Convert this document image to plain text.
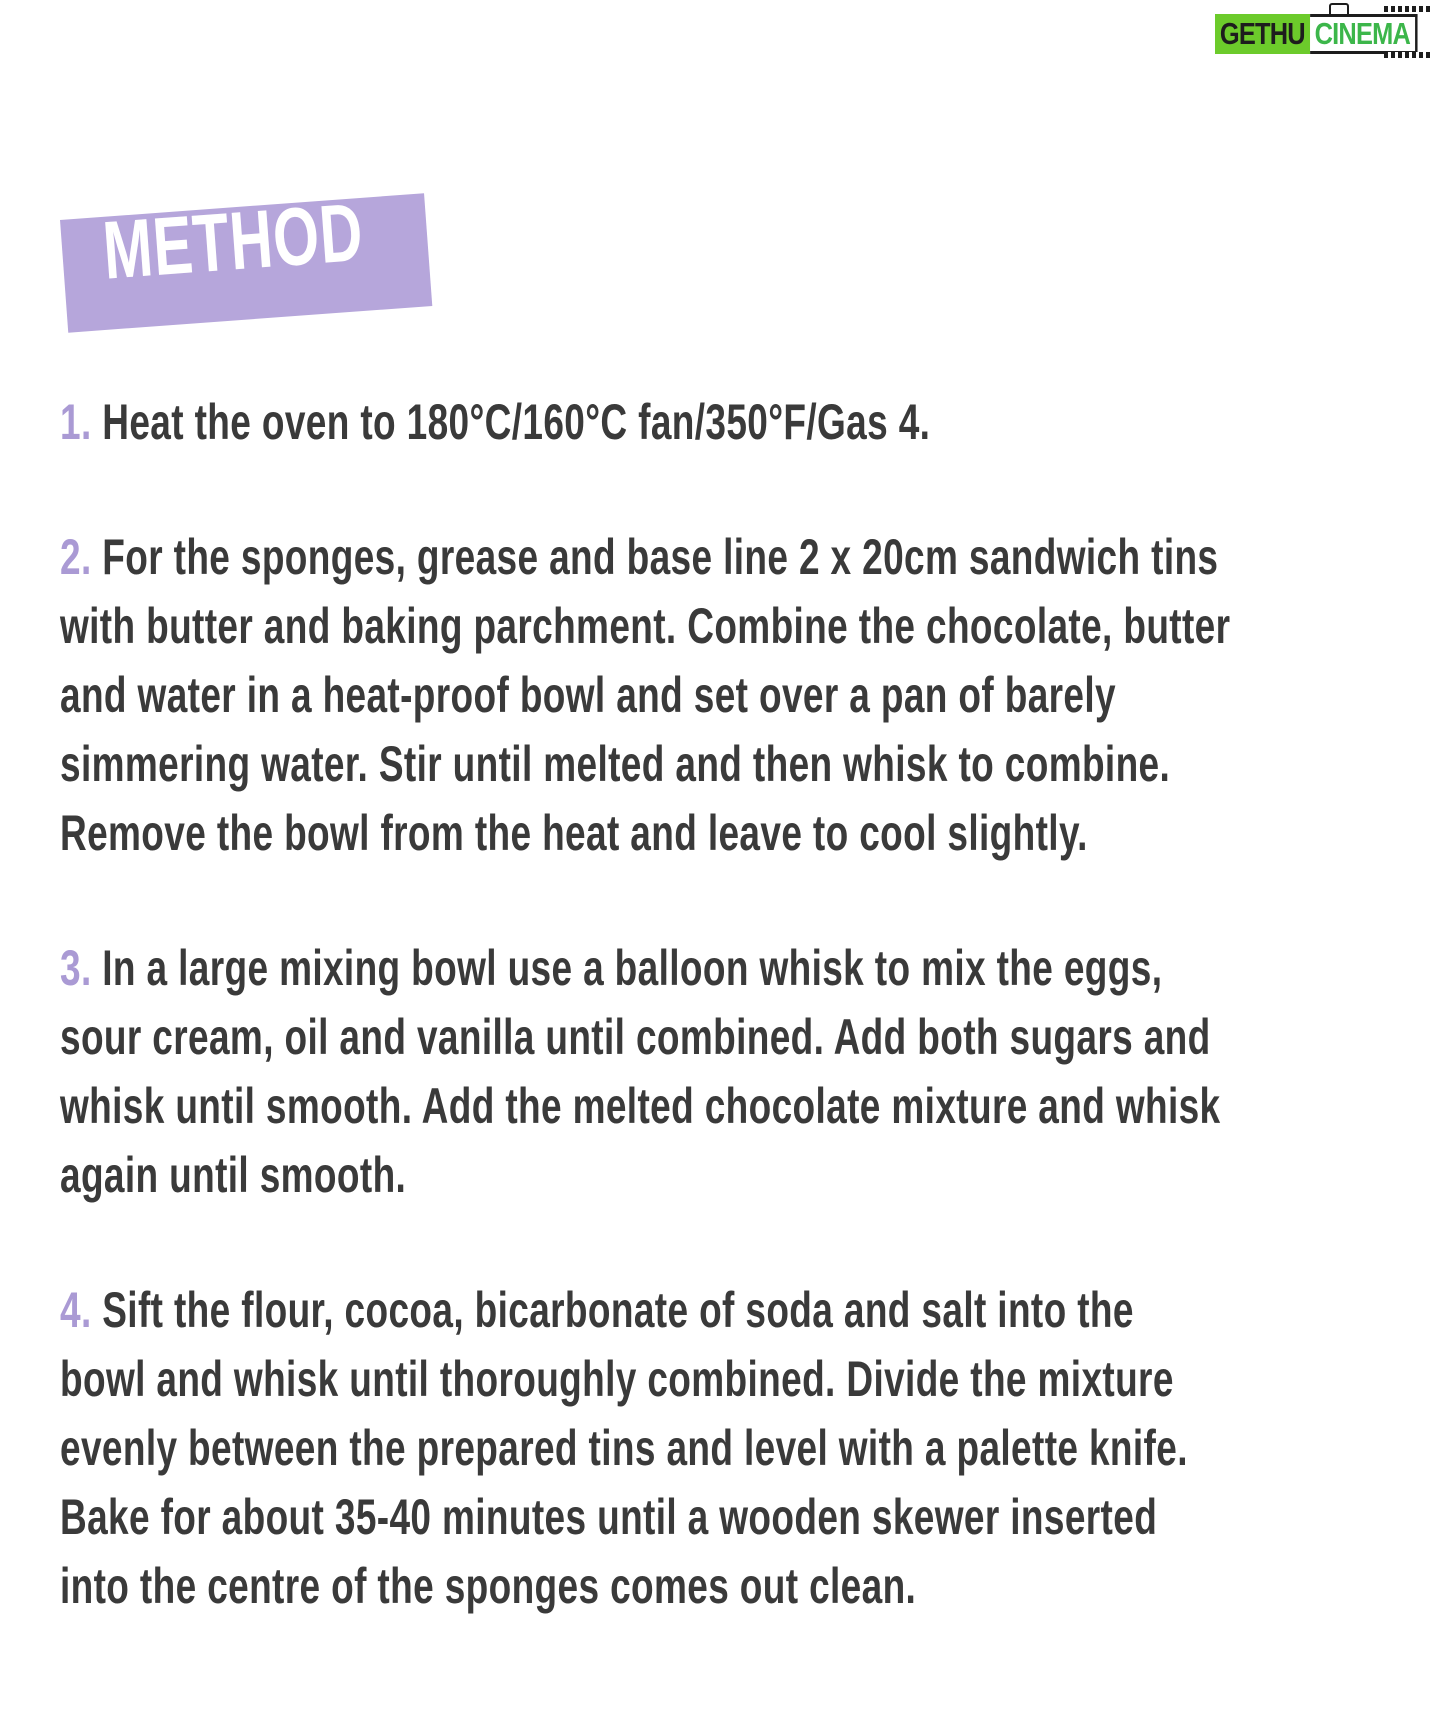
GETHU CINEMA
METHOD
1. Heat the oven to 180°C/160°C fan/350°F/Gas 4.
2. For the sponges, grease and base line 2 x 20cm sandwich tins
with butter and baking parchment. Combine the chocolate, butter
and water in a heat-proof bowl and set over a pan of barely
simmering water. Stir until melted and then whisk to combine.
Remove the bowl from the heat and leave to cool slightly.
3. In a large mixing bowl use a balloon whisk to mix the eggs,
sour cream, oil and vanilla until combined. Add both sugars and
whisk until smooth. Add the melted chocolate mixture and whisk
again until smooth.
4. Sift the flour, cocoa, bicarbonate of soda and salt into the
bowl and whisk until thoroughly combined. Divide the mixture
evenly between the prepared tins and level with a palette knife.
Bake for about 35-40 minutes until a wooden skewer inserted
into the centre of the sponges comes out clean.
